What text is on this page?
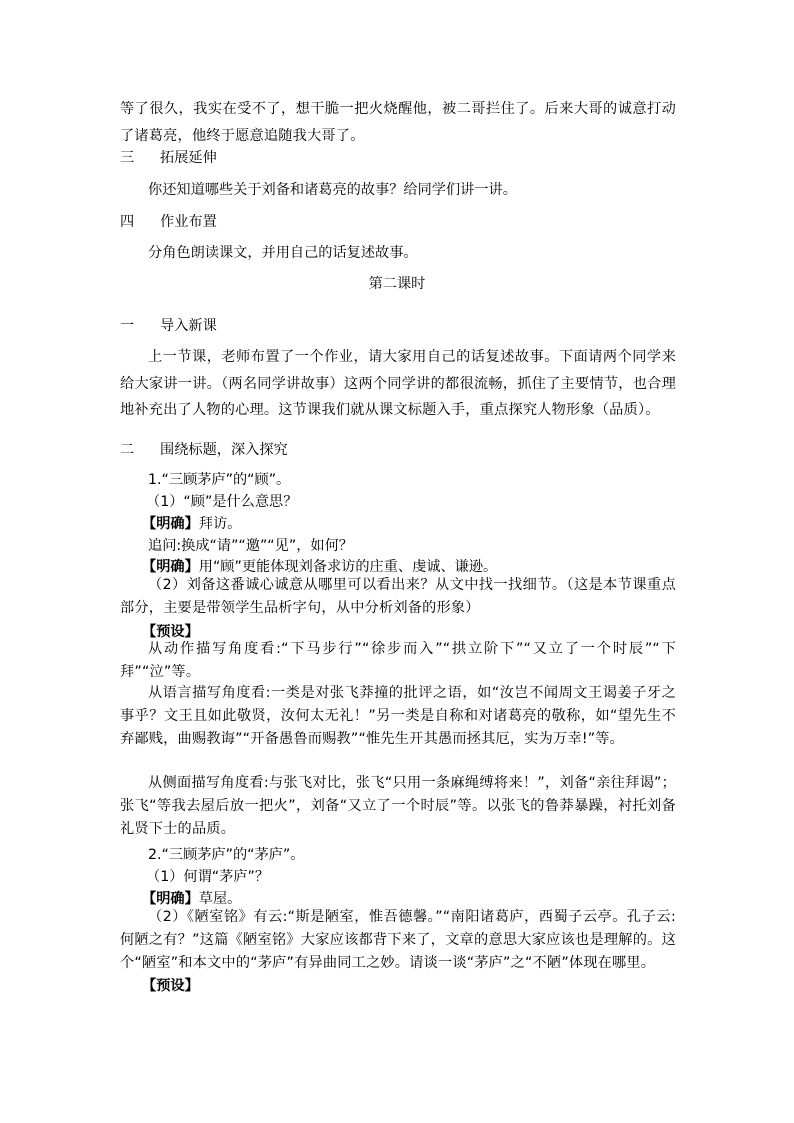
等了很久，我实在受不了，想干脆一把火烧醒他，被二哥拦住了。后来大哥的诚意打动了诸葛亮，他终于愿意追随我大哥了。

三 拓展延伸

你还知道哪些关于刘备和诸葛亮的故事？给同学们讲一讲。

四 作业布置

分角色朗读课文，并用自己的话复述故事。

第二课时

一 导入新课

上一节课，老师布置了一个作业，请大家用自己的话复述故事。下面请两个同学来给大家讲一讲。（两名同学讲故事）这两个同学讲的都很流畅，抓住了主要情节，也合理地补充出了人物的心理。这节课我们就从课文标题入手，重点探究人物形象（品质）。

二 围绕标题，深入探究

1.“三顾茅庐”的“顾”。

（1）“顾”是什么意思？

【明确】拜访。

追问:换成“请”“邀”“见”，如何？

【明确】用“顾”更能体现刘备求访的庄重、虔诚、谦逊。

（2）刘备这番诚心诚意从哪里可以看出来？从文中找一找细节。（这是本节课重点部分，主要是带领学生品析字句，从中分析刘备的形象）

【预设】

从动作描写角度看:“下马步行”“徐步而入”“拱立阶下”“又立了一个时辰”“下拜”“泣”等。

从语言描写角度看:一类是对张飞莽撞的批评之语，如“汝岂不闻周文王谒姜子牙之事乎？文王且如此敬贤，汝何太无礼！”另一类是自称和对诸葛亮的敬称，如“望先生不弃鄙贱，曲赐教诲”“开备愚鲁而赐教”“惟先生开其愚而拯其厄，实为万幸!”等。

从侧面描写角度看:与张飞对比，张飞“只用一条麻绳缚将来！”，刘备“亲往拜谒”；张飞“等我去屋后放一把火”，刘备“又立了一个时辰”等。以张飞的鲁莽暴躁，衬托刘备礼贤下士的品质。

2.“三顾茅庐”的“茅庐”。

（1）何谓“茅庐”？

【明确】草屋。

（2）《陋室铭》有云:“斯是陋室，惟吾德馨。”“南阳诸葛庐，西蜀子云亭。孔子云:何陋之有？”这篇《陋室铭》大家应该都背下来了，文章的意思大家应该也是理解的。这个“陋室”和本文中的“茅庐”有异曲同工之妙。请谈一谈“茅庐”之“不陋”体现在哪里。

【预设】
